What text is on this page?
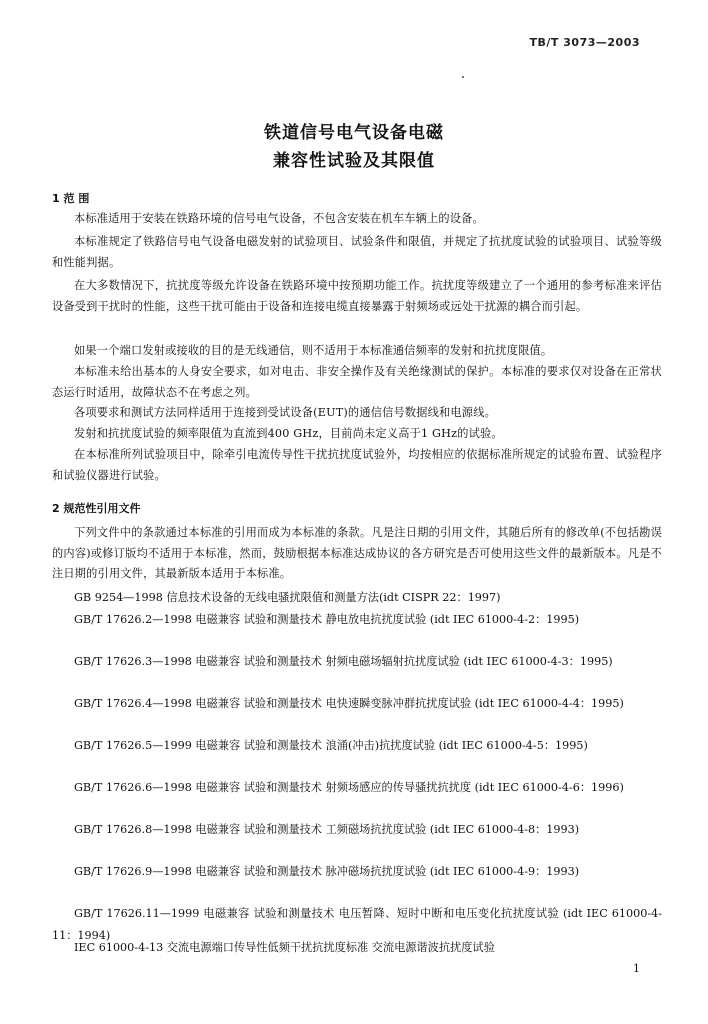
TB/T 3073—2003
铁道信号电气设备电磁
兼容性试验及其限值
1 范 围
本标准适用于安装在铁路环境的信号电气设备，不包含安装在机车车辆上的设备。
本标准规定了铁路信号电气设备电磁发射的试验项目、试验条件和限值，并规定了抗扰度试验的试验项目、试验等级和性能判据。
在大多数情况下，抗扰度等级允许设备在铁路环境中按预期功能工作。抗扰度等级建立了一个通用的参考标准来评估设备受到干扰时的性能，这些干扰可能由于设备和连接电缆直接暴露于射频场或远处干扰源的耦合而引起。
如果一个端口发射或接收的目的是无线通信，则不适用于本标准通信频率的发射和抗扰度限值。
本标准未给出基本的人身安全要求，如对电击、非安全操作及有关绝缘测试的保护。本标准的要求仅对设备在正常状态运行时适用，故障状态不在考虑之列。
各项要求和测试方法同样适用于连接到受试设备(EUT)的通信信号数据线和电源线。
发射和抗扰度试验的频率限值为直流到400 GHz，目前尚未定义高于1 GHz的试验。
在本标准所列试验项目中，除牵引电流传导性干扰抗扰度试验外，均按相应的依据标准所规定的试验布置、试验程序和试验仪器进行试验。
2 规范性引用文件
下列文件中的条款通过本标准的引用而成为本标准的条款。凡是注日期的引用文件，其随后所有的修改单(不包括勘误的内容)或修订版均不适用于本标准，然而，鼓励根据本标准达成协议的各方研究是否可使用这些文件的最新版本。凡是不注日期的引用文件，其最新版本适用于本标准。
GB 9254—1998 信息技术设备的无线电骚扰限值和测量方法(idt CISPR 22：1997)
GB/T 17626.2—1998 电磁兼容 试验和测量技术 静电放电抗扰度试验 (idt IEC 61000-4-2：1995)
GB/T 17626.3—1998 电磁兼容 试验和测量技术 射频电磁场辐射抗扰度试验 (idt IEC 61000-4-3：1995)
GB/T 17626.4—1998 电磁兼容 试验和测量技术 电快速瞬变脉冲群抗扰度试验 (idt IEC 61000-4-4：1995)
GB/T 17626.5—1999 电磁兼容 试验和测量技术 浪涌(冲击)抗扰度试验 (idt IEC 61000-4-5：1995)
GB/T 17626.6—1998 电磁兼容 试验和测量技术 射频场感应的传导骚扰抗扰度 (idt IEC 61000-4-6：1996)
GB/T 17626.8—1998 电磁兼容 试验和测量技术 工频磁场抗扰度试验 (idt IEC 61000-4-8：1993)
GB/T 17626.9—1998 电磁兼容 试验和测量技术 脉冲磁场抗扰度试验 (idt IEC 61000-4-9：1993)
GB/T 17626.11—1999 电磁兼容 试验和测量技术 电压暂降、短时中断和电压变化抗扰度试验 (idt IEC 61000-4-11：1994)
IEC 61000-4-13 交流电源端口传导性低频干扰抗扰度标准 交流电源谐波抗扰度试验
1
